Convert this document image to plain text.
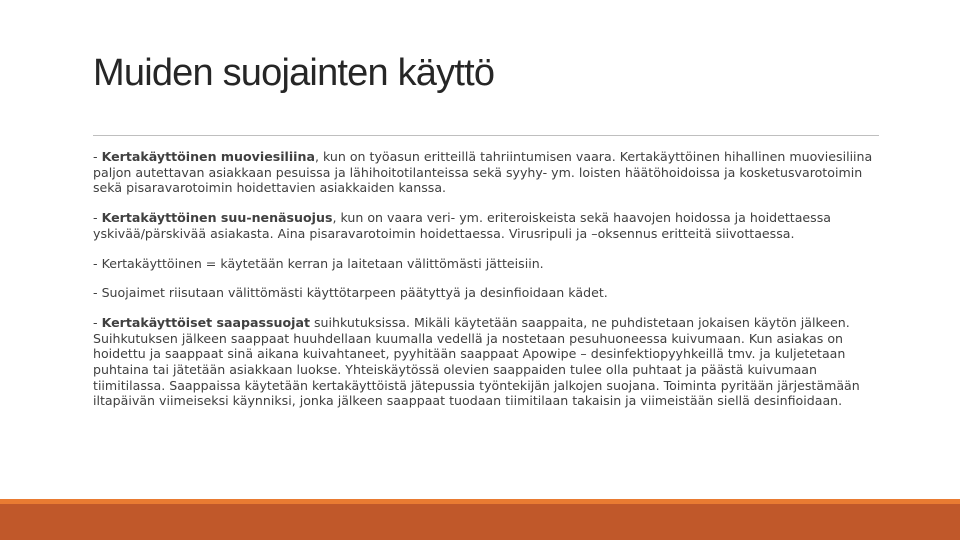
Muiden suojainten käyttö

- Kertakäyttöinen muoviesiliina, kun on työasun eritteillä tahriintumisen vaara. Kertakäyttöinen hihallinen muoviesiliina paljon autettavan asiakkaan pesuissa ja lähihoitotilanteissa sekä syyhy- ym. loisten häätöhoidoissa ja kosketusvarotoimin sekä pisaravarotoimin hoidettavien asiakkaiden kanssa.

- Kertakäyttöinen suu-nenäsuojus, kun on vaara veri- ym. eriteroiskeista sekä haavojen hoidossa ja hoidettaessa yskivää/pärskivää asiakasta. Aina pisaravarotoimin hoidettaessa. Virusripuli ja –oksennus eritteitä siivottaessa.

- Kertakäyttöinen = käytetään kerran ja laitetaan välittömästi jätteisiin.

- Suojaimet riisutaan välittömästi käyttötarpeen päätyttyä ja desinfioidaan kädet.

- Kertakäyttöiset saapassuojat suihkutuksissa. Mikäli käytetään saappaita, ne puhdistetaan jokaisen käytön jälkeen. Suihkutuksen jälkeen saappaat huuhdellaan kuumalla vedellä ja nostetaan pesuhuoneessa kuivumaan. Kun asiakas on hoidettu ja saappaat sinä aikana kuivahtaneet, pyyhitään saappaat Apowipe – desinfektiopyyhkeillä tmv. ja kuljetetaan puhtaina tai jätetään asiakkaan luokse. Yhteiskäytössä olevien saappaiden tulee olla puhtaat ja päästä kuivumaan tiimitilassa. Saappaissa käytetään kertakäyttöistä jätepussia työntekijän jalkojen suojana. Toiminta pyritään järjestämään iltapäivän viimeiseksi käynniksi, jonka jälkeen saappaat tuodaan tiimitilaan takaisin ja viimeistään siellä desinfioidaan.
